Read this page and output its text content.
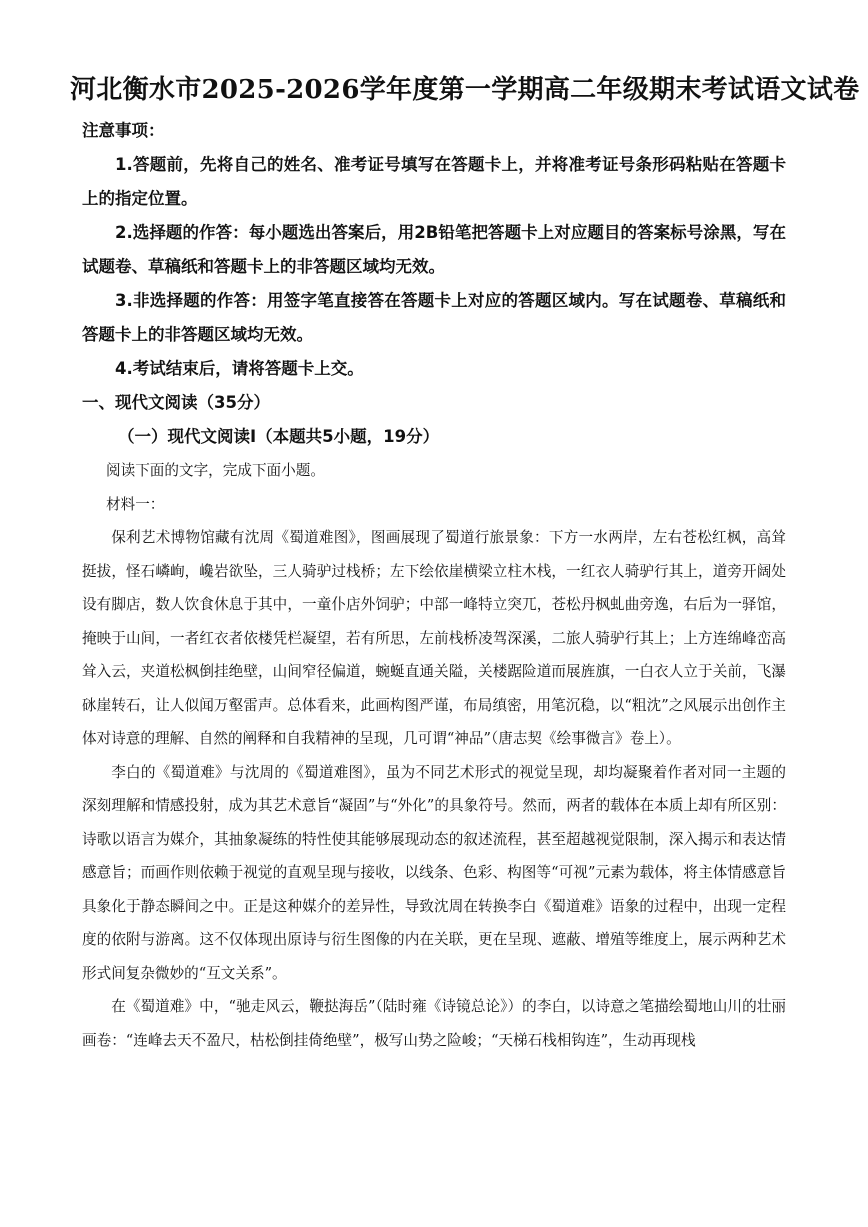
河北衡水市2025-2026学年度第一学期高二年级期末考试语文试卷

注意事项：

1.答题前，先将自己的姓名、准考证号填写在答题卡上，并将准考证号条形码粘贴在答题卡上的指定位置。

2.选择题的作答：每小题选出答案后，用2B铅笔把答题卡上对应题目的答案标号涂黑，写在试题卷、草稿纸和答题卡上的非答题区域均无效。

3.非选择题的作答：用签字笔直接答在答题卡上对应的答题区域内。写在试题卷、草稿纸和答题卡上的非答题区域均无效。

4.考试结束后，请将答题卡上交。

一、现代文阅读（35分）

（一）现代文阅读Ⅰ（本题共5小题，19分）

阅读下面的文字，完成下面小题。

材料一：

保利艺术博物馆藏有沈周《蜀道难图》，图画展现了蜀道行旅景象：下方一水两岸，左右苍松红枫，高耸挺拔，怪石嶙峋，巉岩欲坠，三人骑驴过栈桥；左下绘依崖横梁立柱木栈，一红衣人骑驴行其上，道旁开阔处设有脚店，数人饮食休息于其中，一童仆店外饲驴；中部一峰特立突兀，苍松丹枫虬曲旁逸，右后为一驿馆，掩映于山间，一者红衣者依楼凭栏凝望，若有所思，左前栈桥凌驾深溪，二旅人骑驴行其上；上方连绵峰峦高耸入云，夹道松枫倒挂绝壁，山间窄径偏道，蜿蜒直通关隘，关楼踞险道而展旌旗，一白衣人立于关前，飞瀑砯崖转石，让人似闻万壑雷声。总体看来，此画构图严谨，布局缜密，用笔沉稳，以“粗沈”之风展示出创作主体对诗意的理解、自然的阐释和自我精神的呈现，几可谓“神品”（唐志契《绘事微言》卷上）。

李白的《蜀道难》与沈周的《蜀道难图》，虽为不同艺术形式的视觉呈现，却均凝聚着作者对同一主题的深刻理解和情感投射，成为其艺术意旨“凝固”与“外化”的具象符号。然而，两者的载体在本质上却有所区别：诗歌以语言为媒介，其抽象凝练的特性使其能够展现动态的叙述流程，甚至超越视觉限制，深入揭示和表达情感意旨；而画作则依赖于视觉的直观呈现与接收，以线条、色彩、构图等“可视”元素为载体，将主体情感意旨具象化于静态瞬间之中。正是这种媒介的差异性，导致沈周在转换李白《蜀道难》语象的过程中，出现一定程度的依附与游离。这不仅体现出原诗与衍生图像的内在关联，更在呈现、遮蔽、增殖等维度上，展示两种艺术形式间复杂微妙的“互文关系”。

在《蜀道难》中，“驰走风云，鞭挞海岳”（陆时雍《诗镜总论》）的李白，以诗意之笔描绘蜀地山川的壮丽画卷：“连峰去天不盈尺，枯松倒挂倚绝壁”，极写山势之险峻；“天梯石栈相钩连”，生动再现栈
